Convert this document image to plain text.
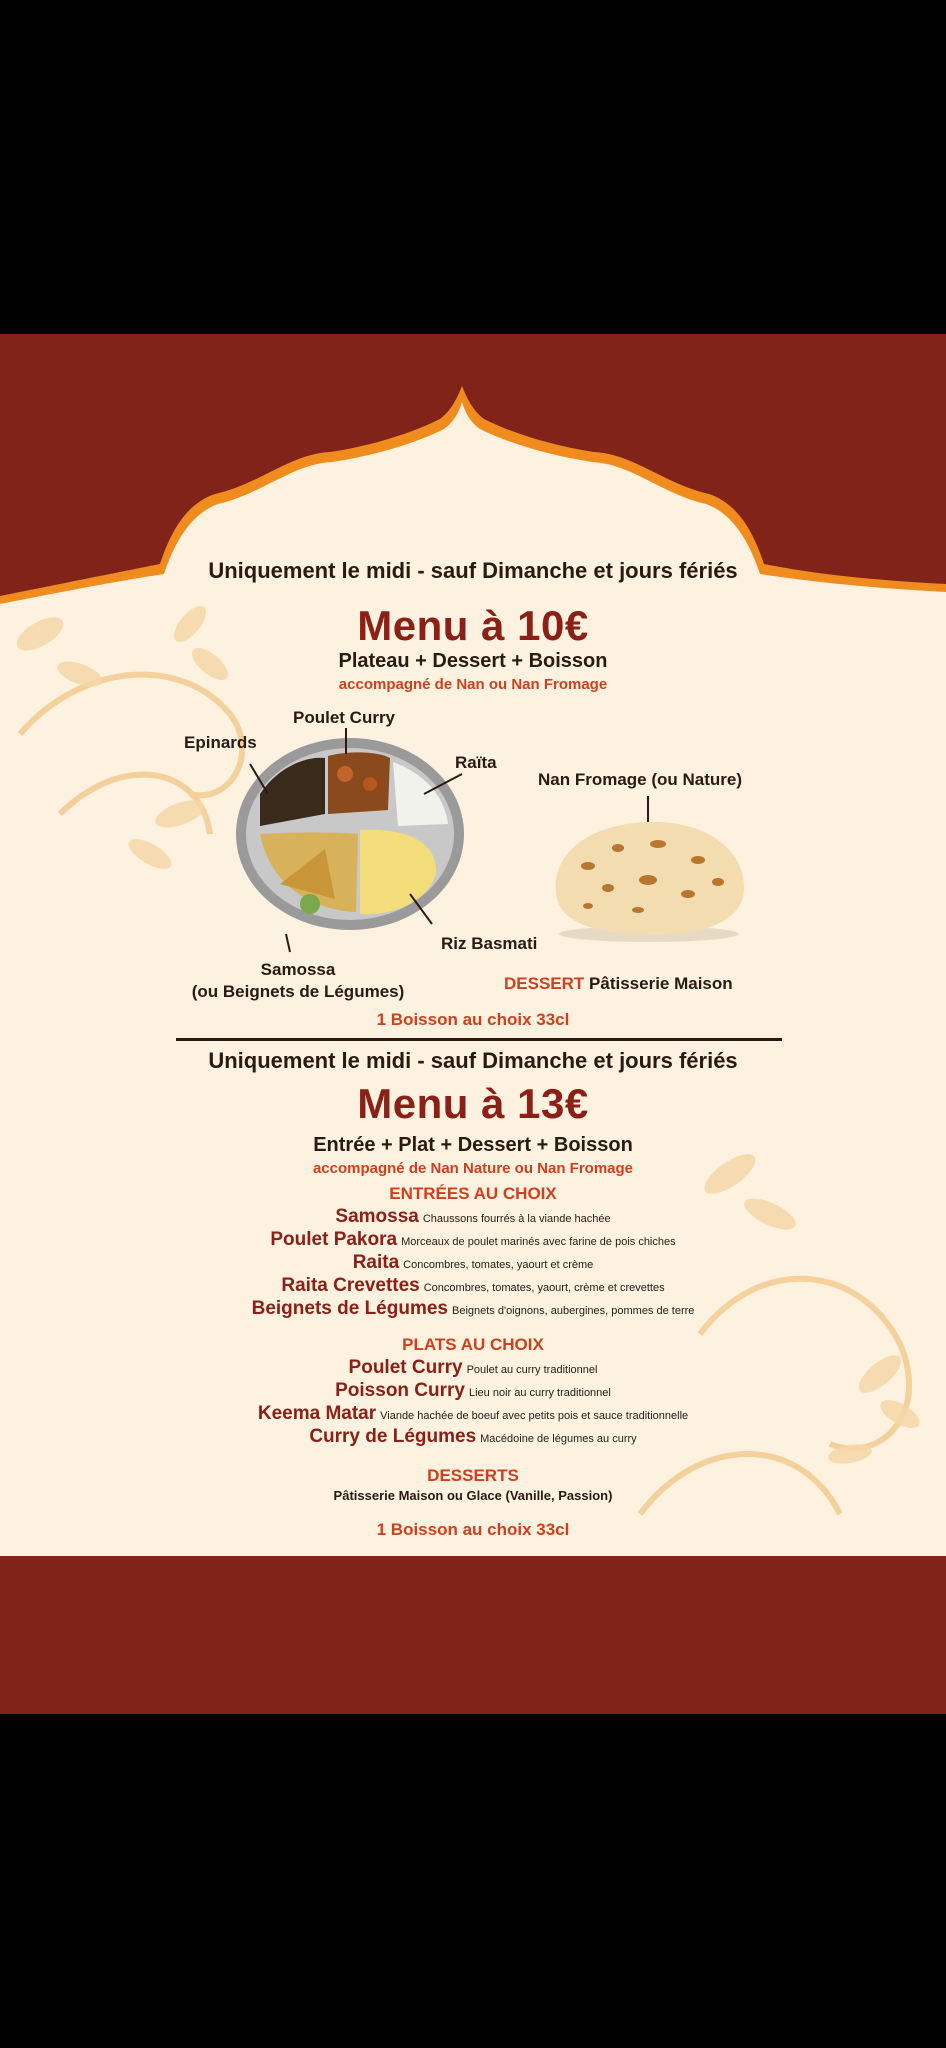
Uniquement le midi - sauf Dimanche et jours fériés
Menu à 10€
Plateau + Dessert + Boisson
accompagné de Nan ou Nan Fromage
Poulet Curry
Epinards
Raïta
Nan Fromage (ou Nature)
Riz Basmati
Samossa
(ou Beignets de Légumes)	DESSERT Pâtisserie Maison
1 Boisson au choix 33cl
Uniquement le midi - sauf Dimanche et jours fériés
Menu à 13€
Entrée + Plat + Dessert + Boisson
accompagné de Nan Nature ou Nan Fromage
ENTRÉES AU CHOIX
Samossa Chaussons fourrés à la viande hachée
Poulet Pakora Morceaux de poulet marinés avec farine de pois chiches
Raita Concombres, tomates, yaourt et crème
Raita Crevettes Concombres, tomates, yaourt, crème et crevettes
Beignets de Légumes Beignets d'oignons, aubergines, pommes de terre
PLATS AU CHOIX
Poulet Curry Poulet au curry traditionnel
Poisson Curry Lieu noir au curry traditionnel
Keema Matar Viande hachée de boeuf avec petits pois et sauce traditionnelle
Curry de Légumes Macédoine de légumes au curry
DESSERTS
Pâtisserie Maison ou Glace (Vanille, Passion)
1 Boisson au choix 33cl
